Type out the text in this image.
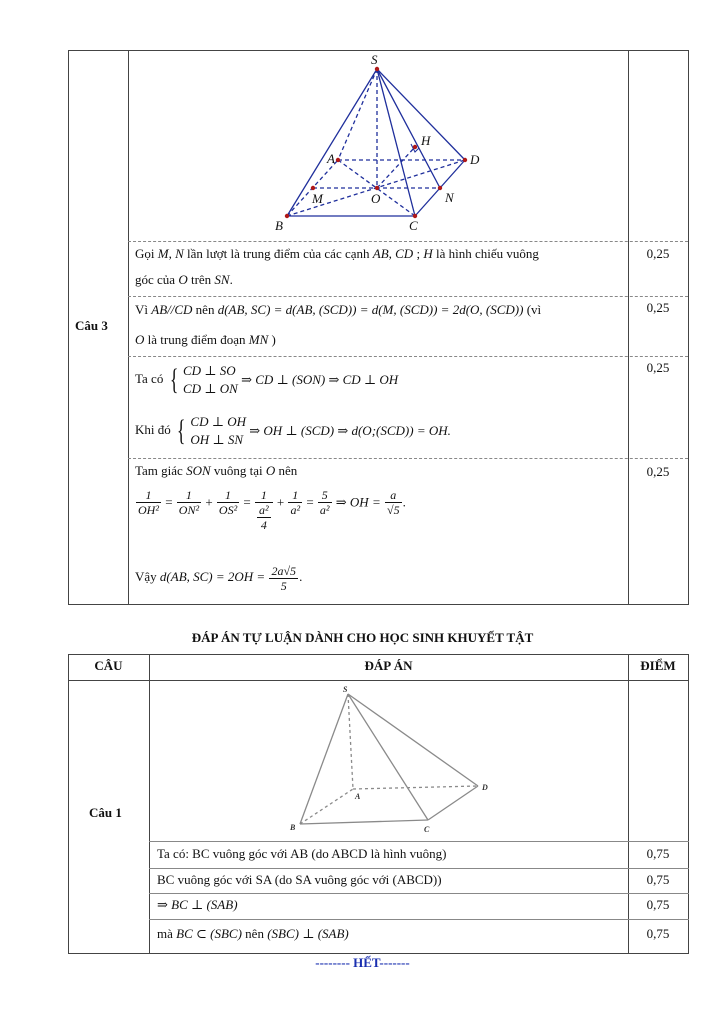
Câu 3
S
H
A	D
O
M	N
B	C
Gọi M, N lần lượt là trung điểm của các cạnh AB, CD ; H là hình chiếu vuông
góc của O trên SN.
0,25
Vì AB//CD nên d(AB, SC) = d(AB, (SCD)) = d(M, (SCD)) = 2d(O, (SCD)) (vì
O là trung điểm đoạn MN )
0,25
Ta có { CD ⊥ SO
CD ⊥ ON ⇒ CD ⊥ (SON) ⇒ CD ⊥ OH
Khi đó { CD ⊥ OH
OH ⊥ SN ⇒ OH ⊥ (SCD) ⇒ d(O;(SCD)) = OH.
0,25
Tam giác SON vuông tại O nên
$\frac{1}{\text{OH²}} = \frac{1}{\text{ON²}} + \frac{1}{\text{OS²}} = \frac{1}{\frac{\text{a²}}{4}} + \frac{1}{\text{a²}} = \frac{5}{\text{a²}}$ ⇒ OH = $\frac{a}{√5}$ .
Vậy d(AB, $SC) = 2OH = \frac{2a√5}{5}$ .
0,25
ĐÁP ÁN TỰ LUẬN DÀNH CHO HỌC SINH KHUYẾT TẬT
CÂU	ĐÁP ÁN	ĐIỂM
Câu 1
S
A
B	C
D
Ta có: BC vuông góc với AB (do ABCD là hình vuông)	0,75
BC vuông góc với SA (do SA vuông góc với (ABCD))	0,75
⇒ BC ⊥ (SAB)	0,75
mà BC ⊂ (SBC) nên (SBC) ⊥ (SAB)	0,75
-------- HẾT-------
